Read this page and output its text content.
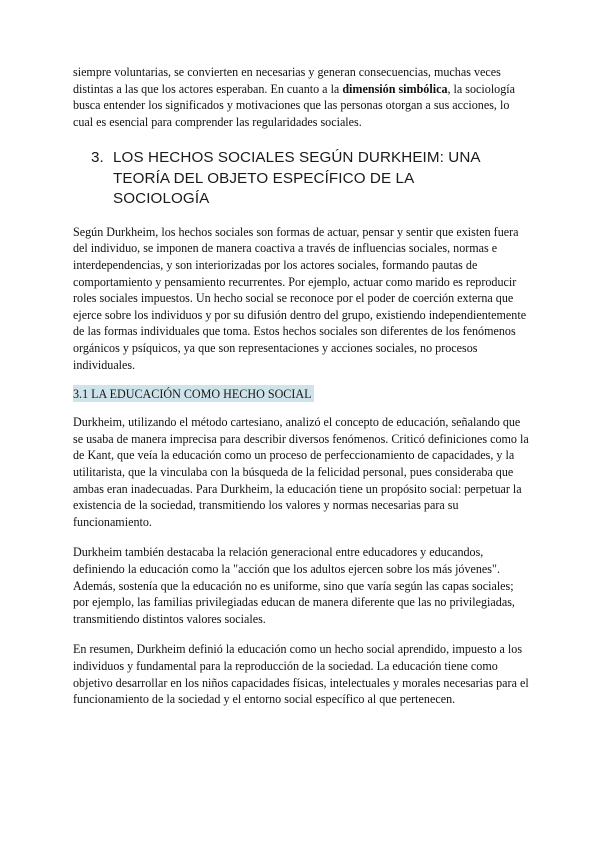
siempre voluntarias, se convierten en necesarias y generan consecuencias, muchas veces distintas a las que los actores esperaban. En cuanto a la dimensión simbólica, la sociología busca entender los significados y motivaciones que las personas otorgan a sus acciones, lo cual es esencial para comprender las regularidades sociales.

3. LOS HECHOS SOCIALES SEGÚN DURKHEIM: UNA TEORÍA DEL OBJETO ESPECÍFICO DE LA SOCIOLOGÍA

Según Durkheim, los hechos sociales son formas de actuar, pensar y sentir que existen fuera del individuo, se imponen de manera coactiva a través de influencias sociales, normas e interdependencias, y son interiorizadas por los actores sociales, formando pautas de comportamiento y pensamiento recurrentes. Por ejemplo, actuar como marido es reproducir roles sociales impuestos. Un hecho social se reconoce por el poder de coerción externa que ejerce sobre los individuos y por su difusión dentro del grupo, existiendo independientemente de las formas individuales que toma. Estos hechos sociales son diferentes de los fenómenos orgánicos y psíquicos, ya que son representaciones y acciones sociales, no procesos individuales.

3.1 LA EDUCACIÓN COMO HECHO SOCIAL

Durkheim, utilizando el método cartesiano, analizó el concepto de educación, señalando que se usaba de manera imprecisa para describir diversos fenómenos. Criticó definiciones como la de Kant, que veía la educación como un proceso de perfeccionamiento de capacidades, y la utilitarista, que la vinculaba con la búsqueda de la felicidad personal, pues consideraba que ambas eran inadecuadas. Para Durkheim, la educación tiene un propósito social: perpetuar la existencia de la sociedad, transmitiendo los valores y normas necesarias para su funcionamiento.

Durkheim también destacaba la relación generacional entre educadores y educandos, definiendo la educación como la "acción que los adultos ejercen sobre los más jóvenes". Además, sostenía que la educación no es uniforme, sino que varía según las capas sociales; por ejemplo, las familias privilegiadas educan de manera diferente que las no privilegiadas, transmitiendo distintos valores sociales.

En resumen, Durkheim definió la educación como un hecho social aprendido, impuesto a los individuos y fundamental para la reproducción de la sociedad. La educación tiene como objetivo desarrollar en los niños capacidades físicas, intelectuales y morales necesarias para el funcionamiento de la sociedad y el entorno social específico al que pertenecen.
